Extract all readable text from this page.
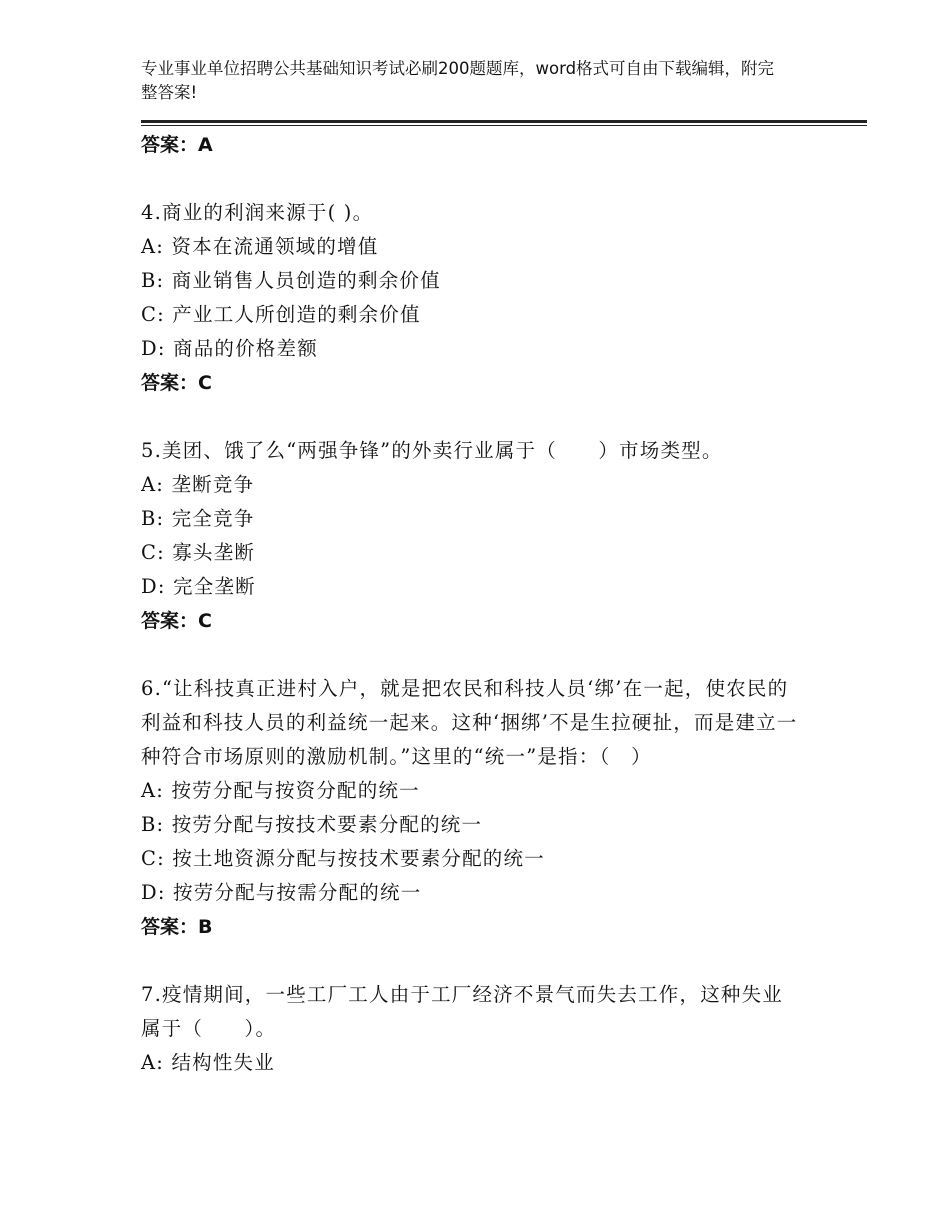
专业事业单位招聘公共基础知识考试必刷200题题库，word格式可自由下载编辑，附完整答案!
答案：A
4.商业的利润来源于( )。
A: 资本在流通领域的增值
B: 商业销售人员创造的剩余价值
C: 产业工人所创造的剩余价值
D: 商品的价格差额
答案：C
5.美团、饿了么“两强争锋”的外卖行业属于（　　）市场类型。
A: 垄断竞争
B: 完全竞争
C: 寡头垄断
D: 完全垄断
答案：C
6.“让科技真正进村入户，就是把农民和科技人员‘绑’在一起，使农民的利益和科技人员的利益统一起来。这种‘捆绑’不是生拉硬扯，而是建立一种符合市场原则的激励机制。”这里的“统一”是指：（　）
A: 按劳分配与按资分配的统一
B: 按劳分配与按技术要素分配的统一
C: 按土地资源分配与按技术要素分配的统一
D: 按劳分配与按需分配的统一
答案：B
7.疫情期间，一些工厂工人由于工厂经济不景气而失去工作，这种失业属于（　　）。
A: 结构性失业
